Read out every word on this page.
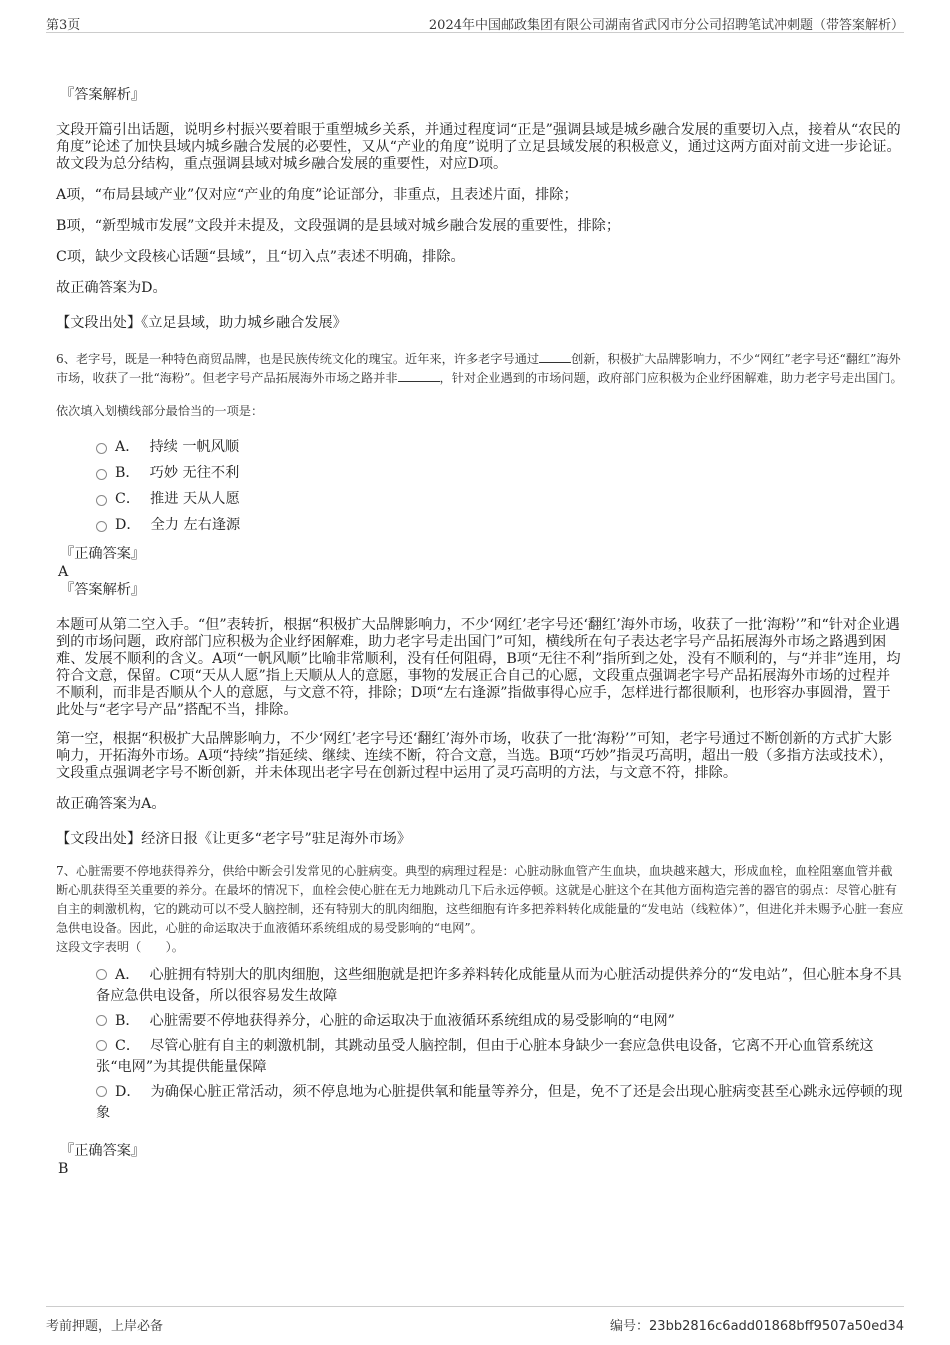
第3页	2024年中国邮政集团有限公司湖南省武冈市分公司招聘笔试冲刺题（带答案解析）
『答案解析』
文段开篇引出话题，说明乡村振兴要着眼于重塑城乡关系，并通过程度词“正是”强调县域是城乡融合发展的重要切入点，接着从“农民的角度”论述了加快县域内城乡融合发展的必要性，又从“产业的角度”说明了立足县域发展的积极意义，通过这两方面对前文进一步论证。故文段为总分结构，重点强调县域对城乡融合发展的重要性，对应D项。
A项，“布局县域产业”仅对应“产业的角度”论证部分，非重点，且表述片面，排除；
B项，“新型城市发展”文段并未提及，文段强调的是县域对城乡融合发展的重要性，排除；
C项，缺少文段核心话题“县域”，且“切入点”表述不明确，排除。
故正确答案为D。
【文段出处】《立足县域，助力城乡融合发展》
6、老字号，既是一种特色商贸品牌，也是民族传统文化的瑰宝。近年来，许多老字号通过	创新，积极扩大品牌影响力，不少“网红”老字号还“翻红”海外市场，收获了一批“海粉”。但老字号产品拓展海外市场之路并非	，针对企业遇到的市场问题，政府部门应积极为企业纾困解难，助力老字号走出国门。
依次填入划横线部分最恰当的一项是：
A． 持续 一帆风顺
B． 巧妙 无往不利
C． 推进 天从人愿
D． 全力 左右逢源
『正确答案』
A
『答案解析』
本题可从第二空入手。“但”表转折，根据“积极扩大品牌影响力，不少‘网红’老字号还‘翻红’海外市场，收获了一批‘海粉’”和“针对企业遇到的市场问题，政府部门应积极为企业纾困解难，助力老字号走出国门”可知，横线所在句子表达老字号产品拓展海外市场之路遇到困难、发展不顺利的含义。A项“一帆风顺”比喻非常顺利，没有任何阻碍，B项“无往不利”指所到之处，没有不顺利的，与“并非”连用，均符合文意，保留。C项“天从人愿”指上天顺从人的意愿，事物的发展正合自己的心愿，文段重点强调老字号产品拓展海外市场的过程并不顺利，而非是否顺从个人的意愿，与文意不符，排除；D项“左右逢源”指做事得心应手，怎样进行都很顺利，也形容办事圆滑，置于此处与“老字号产品”搭配不当，排除。
第一空，根据“积极扩大品牌影响力，不少‘网红’老字号还‘翻红’海外市场，收获了一批‘海粉’”可知，老字号通过不断创新的方式扩大影响力，开拓海外市场。A项“持续”指延续、继续、连续不断，符合文意，当选。B项“巧妙”指灵巧高明，超出一般（多指方法或技术），文段重点强调老字号不断创新，并未体现出老字号在创新过程中运用了灵巧高明的方法，与文意不符，排除。
故正确答案为A。
【文段出处】经济日报《让更多“老字号”驻足海外市场》
7、心脏需要不停地获得养分，供给中断会引发常见的心脏病变。典型的病理过程是：心脏动脉血管产生血块，血块越来越大，形成血栓，血栓阻塞血管并截断心肌获得至关重要的养分。在最坏的情况下，血栓会使心脏在无力地跳动几下后永远停顿。这就是心脏这个在其他方面构造完善的器官的弱点：尽管心脏有自主的刺激机构，它的跳动可以不受人脑控制，还有特别大的肌肉细胞，这些细胞有许多把养料转化成能量的“发电站（线粒体）”，但进化并未赐予心脏一套应急供电设备。因此，心脏的命运取决于血液循环系统组成的易受影响的“电网”。
这段文字表明（　　）。
A． 心脏拥有特别大的肌肉细胞，这些细胞就是把许多养料转化成能量从而为心脏活动提供养分的“发电站”，但心脏本身不具备应急供电设备，所以很容易发生故障
B． 心脏需要不停地获得养分，心脏的命运取决于血液循环系统组成的易受影响的“电网”
C． 尽管心脏有自主的刺激机制，其跳动虽受人脑控制，但由于心脏本身缺少一套应急供电设备，它离不开心血管系统这张“电网”为其提供能量保障
D． 为确保心脏正常活动，须不停息地为心脏提供氧和能量等养分，但是，免不了还是会出现心脏病变甚至心跳永远停顿的现象
『正确答案』
B
考前押题，上岸必备	编号：23bb2816c6add01868bff9507a50ed34
